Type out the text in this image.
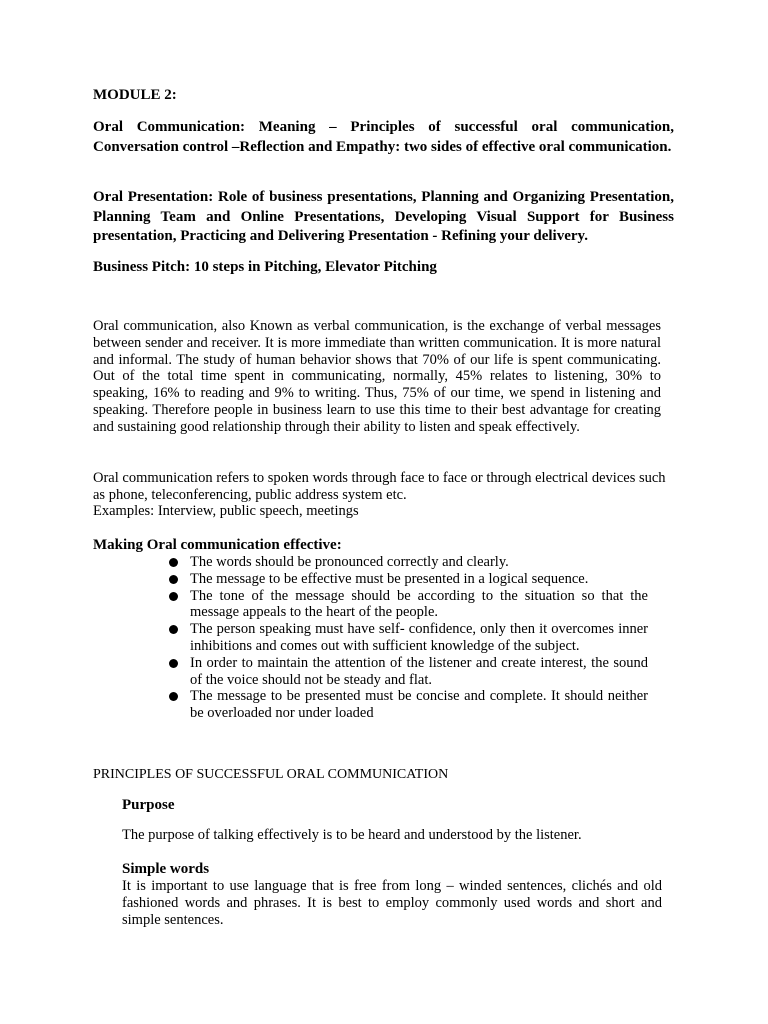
MODULE 2:

Oral Communication: Meaning – Principles of successful oral communication, Conversation control –Reflection and Empathy: two sides of effective oral communication.

Oral Presentation: Role of business presentations, Planning and Organizing Presentation, Planning Team and Online Presentations, Developing Visual Support for Business presentation, Practicing and Delivering Presentation - Refining your delivery.

Business Pitch: 10 steps in Pitching, Elevator Pitching

Oral communication, also Known as verbal communication, is the exchange of verbal messages between sender and receiver. It is more immediate than written communication. It is more natural and informal. The study of human behavior shows that 70% of our life is spent communicating. Out of the total time spent in communicating, normally, 45% relates to listening, 30% to speaking, 16% to reading and 9% to writing. Thus, 75% of our time, we spend in listening and speaking. Therefore people in business learn to use this time to their best advantage for creating and sustaining good relationship through their ability to listen and speak effectively.

Oral communication refers to spoken words through face to face or through electrical devices such as phone, teleconferencing, public address system etc.

Examples: Interview, public speech, meetings

Making Oral communication effective:

The words should be pronounced correctly and clearly.
The message to be effective must be presented in a logical sequence.
The tone of the message should be according to the situation so that the message appeals to the heart of the people.
The person speaking must have self- confidence, only then it overcomes inner inhibitions and comes out with sufficient knowledge of the subject.
In order to maintain the attention of the listener and create interest, the sound of the voice should not be steady and flat.
The message to be presented must be concise and complete. It should neither be overloaded nor under loaded

PRINCIPLES OF SUCCESSFUL ORAL COMMUNICATION

Purpose

The purpose of talking effectively is to be heard and understood by the listener.

Simple words

It is important to use language that is free from long – winded sentences, clichés and old fashioned words and phrases. It is best to employ commonly used words and short and simple sentences.
